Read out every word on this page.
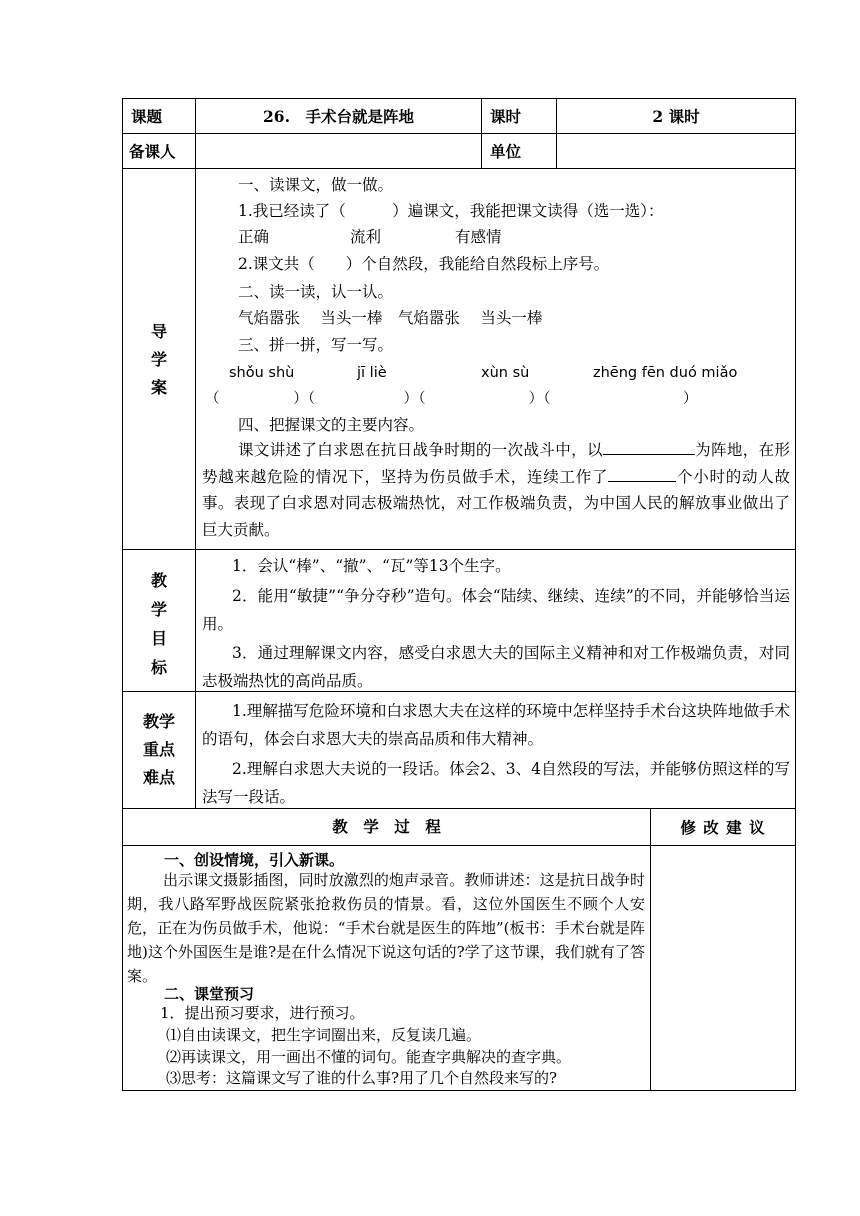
课题	26.　手术台就是阵地	课时	2 课时
备课人	单位
导
学
案
一、读课文，做一做。
1.我已经读了（　　　）遍课文，我能把课文读得（选一选）：
正确	流利	有感情
2.课文共（　　）个自然段，我能给自然段标上序号。
二、读一读，认一认。
气焰嚣张　 当头一棒　气焰嚣张　 当头一棒
三、拼一拼，写一写。
shǒu shù	jī liè	xùn sù	zhēng fēn duó miǎo
（　　　　　）（　　　　　　）（　　　　　　　）（　　　　　　　　　）
四、把握课文的主要内容。
课文讲述了白求恩在抗日战争时期的一次战斗中，以	为阵地，在形势越来越危险的情况下，坚持为伤员做手术，连续工作了	个小时的动人故事。表现了白求恩对同志极端热忱，对工作极端负责，为中国人民的解放事业做出了巨大贡献。
教
学
目
标
1．会认“棒”、“撤”、“瓦”等13个生字。
2．能用“敏捷”“争分夺秒”造句。体会“陆续、继续、连续”的不同，并能够恰当运用。
3．通过理解课文内容，感受白求恩大夫的国际主义精神和对工作极端负责，对同志极端热忱的高尚品质。
教学
重点
难点
1.理解描写危险环境和白求恩大夫在这样的环境中怎样坚持手术台这块阵地做手术的语句，体会白求恩大夫的崇高品质和伟大精神。
2.理解白求恩大夫说的一段话。体会2、3、4自然段的写法，并能够仿照这样的写法写一段话。
教　学　过　程	修 改 建 议
一、创设情境，引入新课。
出示课文摄影插图，同时放激烈的炮声录音。教师讲述：这是抗日战争时期，我八路军野战医院紧张抢救伤员的情景。看，这位外国医生不顾个人安危，正在为伤员做手术，他说：“手术台就是医生的阵地”(板书：手术台就是阵地)这个外国医生是谁?是在什么情况下说这句话的?学了这节课，我们就有了答案。
二、课堂预习
1．提出预习要求，进行预习。
⑴自由读课文，把生字词圈出来，反复读几遍。
⑵再读课文，用一画出不懂的词句。能查字典解决的查字典。
⑶思考：这篇课文写了谁的什么事?用了几个自然段来写的?
